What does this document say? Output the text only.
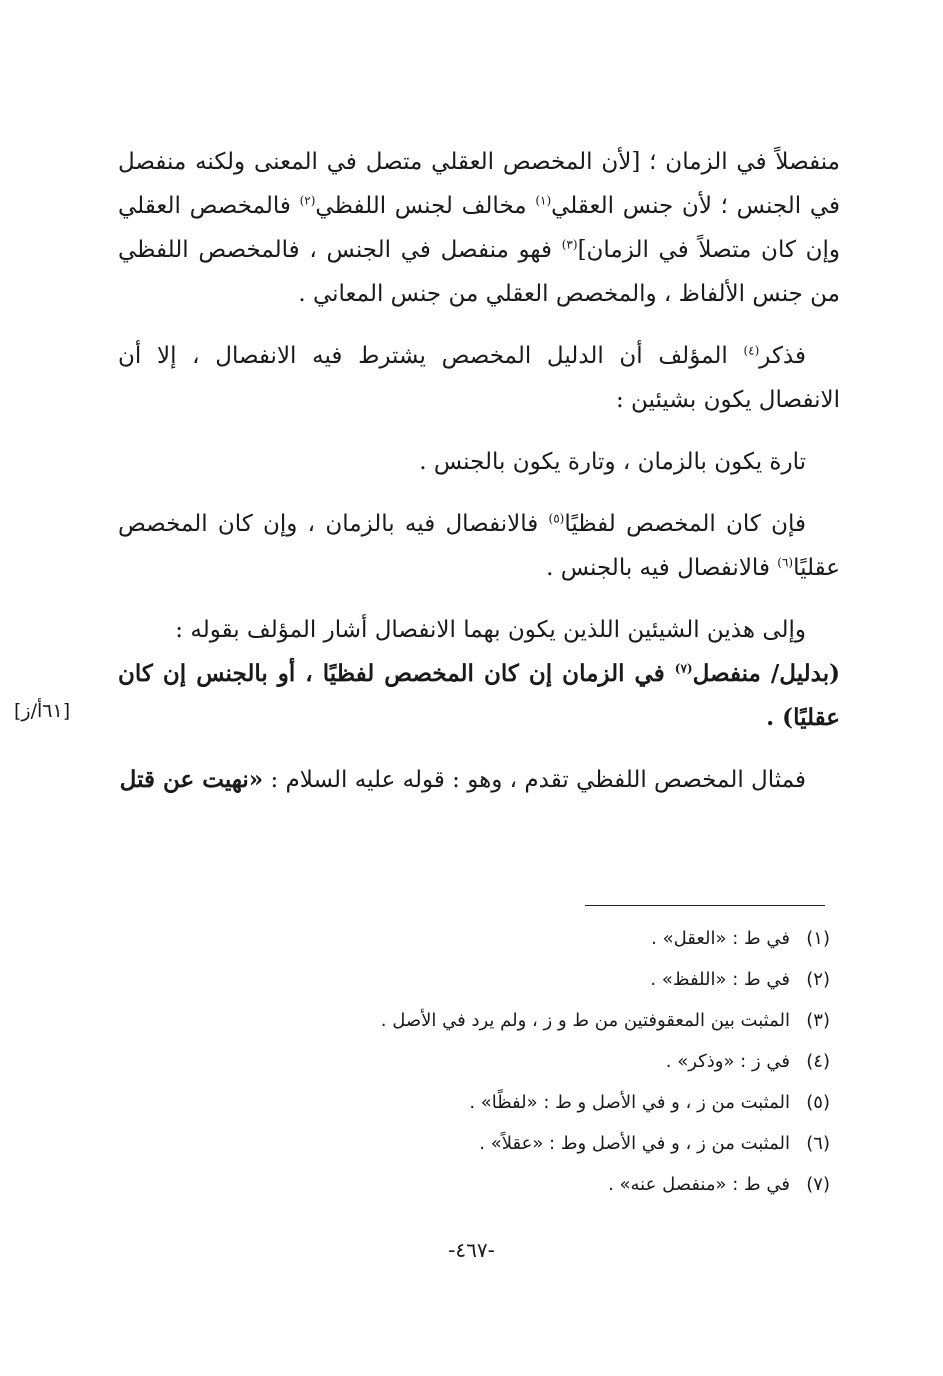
منفصلاً في الزمان ؛ [لأن المخصص العقلي متصل في المعنى ولكنه منفصل في الجنس ؛ لأن جنس العقلي$^{(١)}$ مخالف لجنس اللفظي$^{(٢)}$ فالمخصص العقلي وإن كان متصلاً في الزمان]$^{(٣)}$ فهو منفصل في الجنس ، فالمخصص اللفظي من جنس الألفاظ ، والمخصص العقلي من جنس المعاني .

فذكر$^{(٤)}$ المؤلف أن الدليل المخصص يشترط فيه الانفصال ، إلا أن الانفصال يكون بشيئين :

تارة يكون بالزمان ، وتارة يكون بالجنس .

فإن كان المخصص لفظيًا$^{(٥)}$ فالانفصال فيه بالزمان ، وإن كان المخصص عقليًا$^{(٦)}$ فالانفصال فيه بالجنس .

وإلى هذين الشيئين اللذين يكون بهما الانفصال أشار المؤلف بقوله :

(بدليل/ منفصل$^{(٧)}$ في الزمان إن كان المخصص لفظيًا ، أو بالجنس إن كان عقليًا) .

فمثال المخصص اللفظي تقدم ، وهو : قوله عليه السلام : «نهيت عن قتل

[٦١أ/ز]

(١)في ط : «العقل» .

(٢)في ط : «اللفظ» .

(٣)المثبت بين المعقوفتين من ط و ز ، ولم يرد في الأصل .

(٤)في ز : «وذكر» .

(٥)المثبت من ز ، و في الأصل و ط : «لفظًا» .

(٦)المثبت من ز ، و في الأصل وط : «عقلاً» .

(٧)في ط : «منفصل عنه» .

-٤٦٧-
